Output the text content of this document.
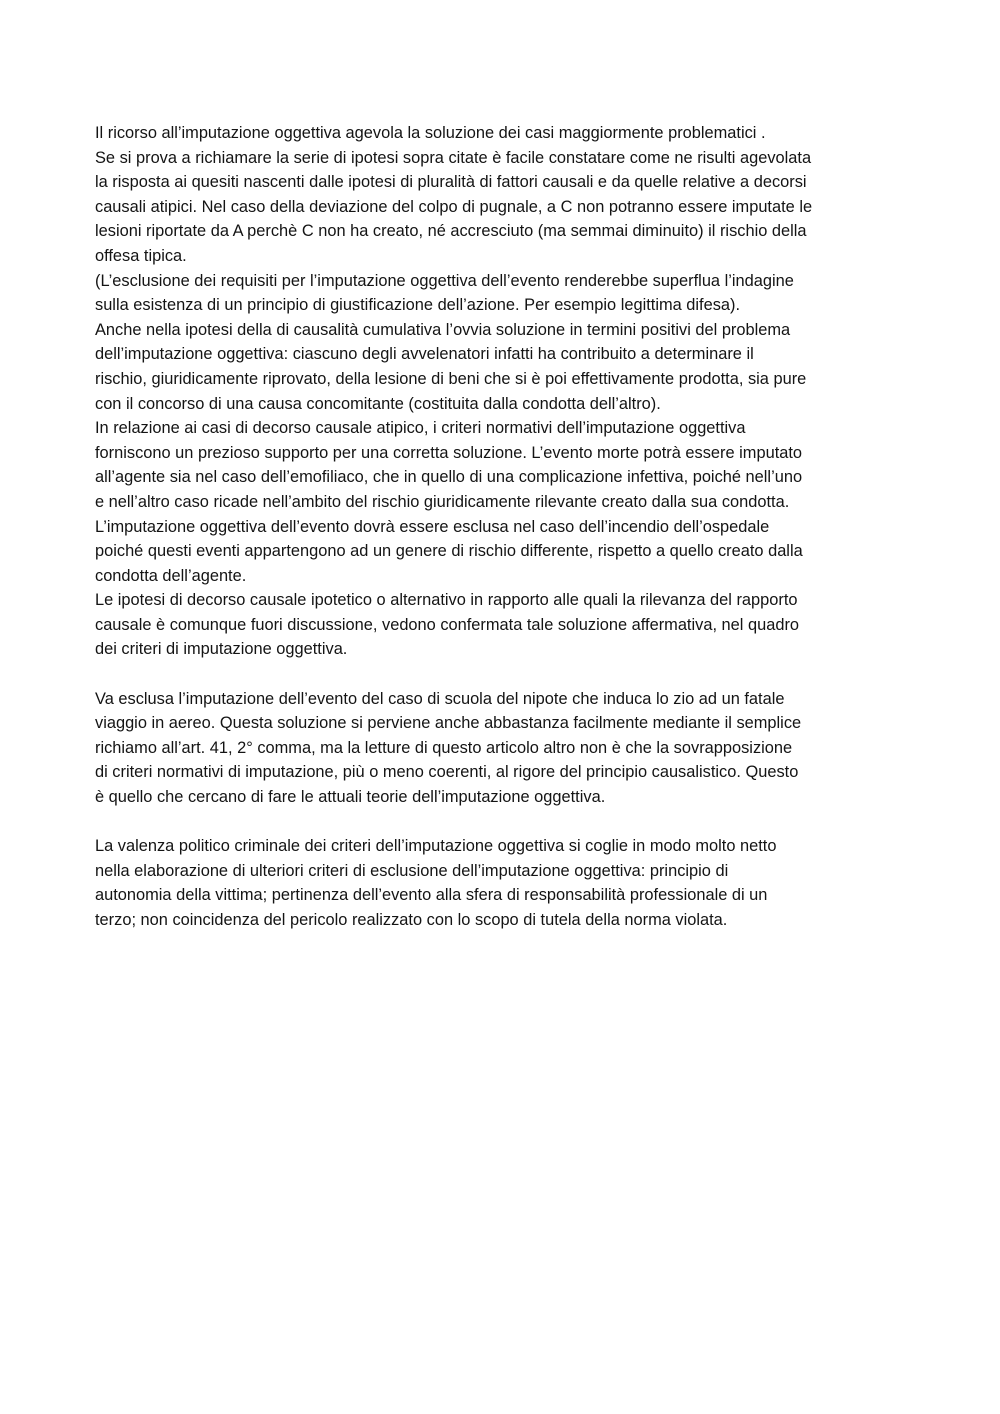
Il ricorso all’imputazione oggettiva agevola la soluzione dei casi maggiormente problematici .
Se si prova a richiamare la serie di ipotesi sopra citate è facile constatare come ne risulti agevolata
la risposta ai quesiti nascenti dalle ipotesi di pluralità di fattori causali e da quelle relative a decorsi
causali atipici. Nel caso della deviazione del colpo di pugnale, a C non potranno essere imputate le
lesioni riportate da A perchè C non ha creato, né accresciuto (ma semmai diminuito) il rischio della
offesa tipica.
(L’esclusione dei requisiti per l’imputazione oggettiva dell’evento renderebbe superflua l’indagine
sulla esistenza di un principio di giustificazione dell’azione. Per esempio legittima difesa).
Anche nella ipotesi della di causalità cumulativa l’ovvia soluzione in termini positivi del problema
dell’imputazione oggettiva: ciascuno degli avvelenatori infatti ha contribuito a determinare il
rischio, giuridicamente riprovato, della lesione di beni che si è poi effettivamente prodotta, sia pure
con il concorso di una causa concomitante (costituita dalla condotta dell’altro).
In relazione ai casi di decorso causale atipico, i criteri normativi dell’imputazione oggettiva
forniscono un prezioso supporto per una corretta soluzione. L’evento morte potrà essere imputato
all’agente sia nel caso dell’emofiliaco, che in quello di una complicazione infettiva, poiché nell’uno
e nell’altro caso ricade nell’ambito del rischio giuridicamente rilevante creato dalla sua condotta.
L’imputazione oggettiva dell’evento dovrà essere esclusa nel caso dell’incendio dell’ospedale
poiché questi eventi appartengono ad un genere di rischio differente, rispetto a quello creato dalla
condotta dell’agente.
Le ipotesi di decorso causale ipotetico o alternativo in rapporto alle quali la rilevanza del rapporto
causale è comunque fuori discussione, vedono confermata tale soluzione affermativa, nel quadro
dei criteri di imputazione oggettiva.
Va esclusa l’imputazione dell’evento del caso di scuola del nipote che induca lo zio ad un fatale
viaggio in aereo. Questa soluzione si perviene anche abbastanza facilmente mediante il semplice
richiamo all’art. 41, 2° comma, ma la letture di questo articolo altro non è che la sovrapposizione
di criteri normativi di imputazione, più o meno coerenti, al rigore del principio causalistico. Questo
è quello che cercano di fare le attuali teorie dell’imputazione oggettiva.
La valenza politico criminale dei criteri dell’imputazione oggettiva si coglie in modo molto netto
nella elaborazione di ulteriori criteri di esclusione dell’imputazione oggettiva: principio di
autonomia della vittima; pertinenza dell’evento alla sfera di responsabilità professionale di un
terzo; non coincidenza del pericolo realizzato con lo scopo di tutela della norma violata.
